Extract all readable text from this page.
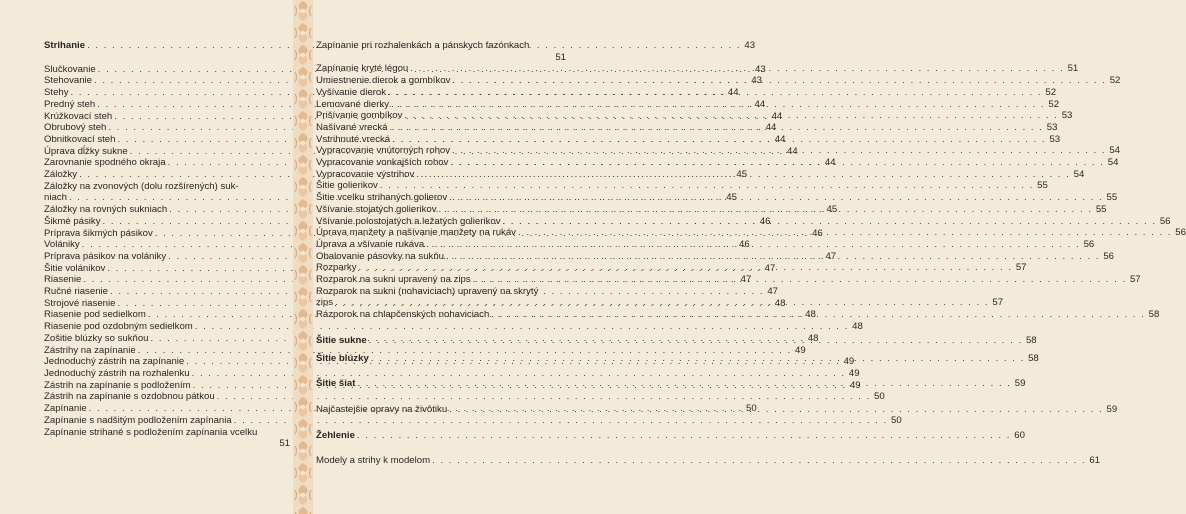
Strihanie . . .	43
Slučkovanie . . .	43
Stehovanie . . .	43
Stehy . . .	44
Predný steh . . .	44
Krúžkovací steh . . .	44
Obrubový steh . . .	44
Obnitkovací steh . . .	44
Úprava dĺžky sukne . . .	44
Zarovnanie spodného okraja . . .	44
Záložky . . .	45
Záložky na zvonových (dolu rozšírených) suk-
niach . . .	45
Záložky na rovných sukniach . . .	45
Šikmé pásiky . . .	46
Príprava šikmých pásikov . . .	46
Volániky . . .	46
Príprava pásikov na volániky . . .	47
Šitie volánikov . . .	47
Riasenie . . .	47
Ručné riasenie . . .	47
Strojové riasenie . . .	48
Riasenie pod sedielkom . . .	48
Riasenie pod ozdobným sedielkom . . .	48
Zošitie blúzky so sukňou . . .	48
Zástrihy na zapínanie . . .	49
Jednoduchý zástrih na zapínanie . . .	49
Jednoduchý zástrih na rozhalenku . . .	49
Zástrih na zapínanie s podložením . . .	49
Zástrih na zapínanie s ozdobnou pátkou . . .	50
Zapínanie . . .	50
Zapínanie s nadšitým podložením zapínania . . .	50
Zapínanie strihané s podložením zapínania vcelku
51
Zapínanie pri rozhalenkách a pánskych fazónkach
51
Zapínanie kryté légou . . .	51
Umiestnenie dierok a gombíkov . . .	52
Vyšívanie dierok . . .	52
Lemované dierky . . .	52
Prišívanie gombíkov . . .	53
Našívané vrecká . . .	53
Vstrihnuté vrecká . . .	53
Vypracovanie vnútorných rohov . . .	54
Vypracovanie vonkajších rohov . . .	54
Vypracovanie výstrihov . . .	54
Šitie golierikov . . .	55
Šitie vcelku strihaných golierov . . .	55
Všívanie stojatých golierikov . . .	55
Všívanie polostojatých a ležatých golierikov . . .	56
Úprava manžety a našívanie manžety na rukáv . . .	56
Úprava a všívanie rukáva . . .	56
Obalovanie pásovky na sukňu . . .	56
Rozparky . . .	57
Rozparok na sukni upravený na zips . . .	57
Rozparok na sukni (nohaviciach) upravený na skrytý
zips . . .	57
Rázporok na chlapčenských nohaviciach . . .	58
Šitie sukne . . .	58
Šitie blúzky . . .	58
Šitie šiat . . .	59
Najčastejšie opravy na živôtiku . . .	59
Žehlenie . . .	60
Modely a strihy k modelom . . .	61
